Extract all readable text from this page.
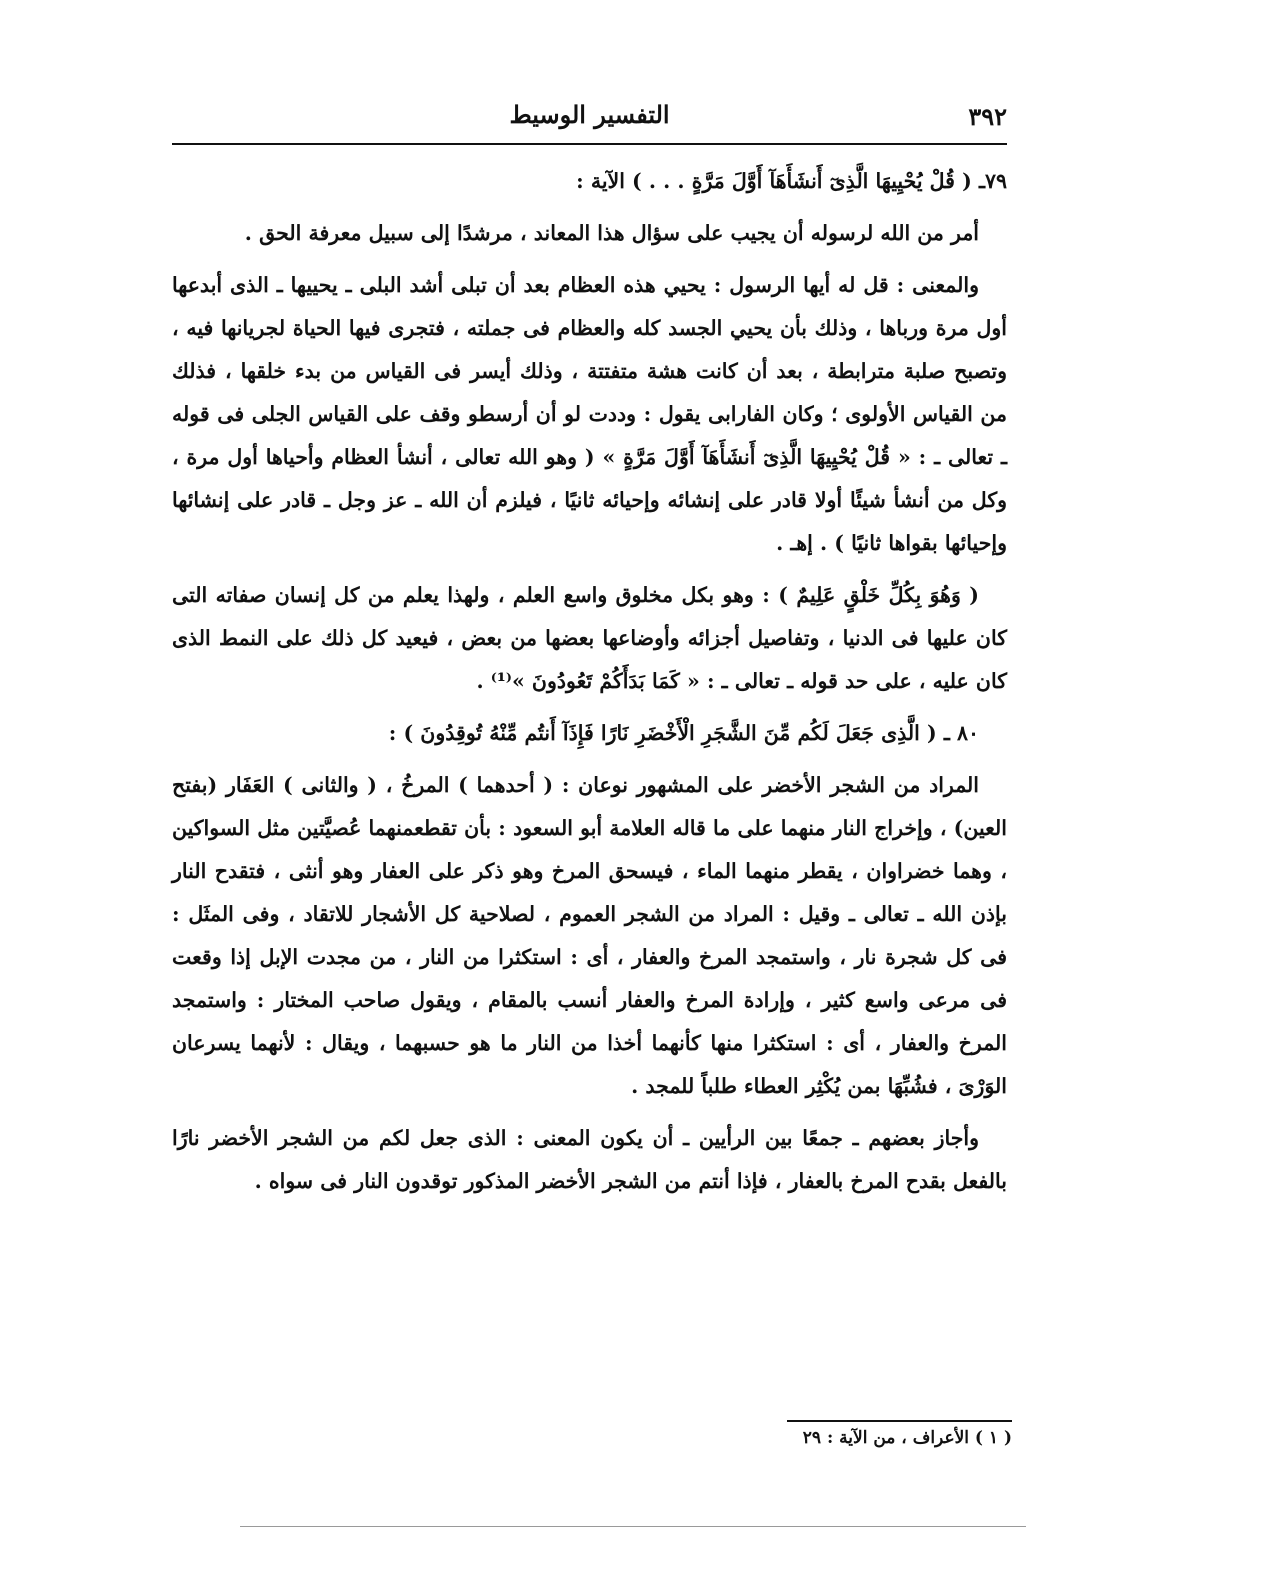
٣٩٢
التفسير الوسيط

٧٩ـ ( قُلْ يُحْيِيهَا الَّذِىٓ أَنشَأَهَآ أَوَّلَ مَرَّةٍ . . . ) الآية :

أمر من الله لرسوله أن يجيب على سؤال هذا المعاند ، مرشدًا إلى سبيل معرفة الحق .

والمعنى : قل له أيها الرسول : يحيي هذه العظام بعد أن تبلى أشد البلى ـ يحييها ـ الذى أبدعها أول مرة ورباها ، وذلك بأن يحيي الجسد كله والعظام فى جملته ، فتجرى فيها الحياة لجريانها فيه ، وتصبح صلبة مترابطة ، بعد أن كانت هشة متفتتة ، وذلك أيسر فى القياس من بدء خلقها ، فذلك من القياس الأولوى ؛ وكان الفارابى يقول : وددت لو أن أرسطو وقف على القياس الجلى فى قوله ـ تعالى ـ : « قُلْ يُحْيِيهَا الَّذِىٓ أَنشَأَهَآ أَوَّلَ مَرَّةٍ » ( وهو الله تعالى ، أنشأ العظام وأحياها أول مرة ، وكل من أنشأ شيئًا أولا قادر على إنشائه وإحيائه ثانيًا ، فيلزم أن الله ـ عز وجل ـ قادر على إنشائها وإحيائها بقواها ثانيًا ) . إهـ .

( وَهُوَ بِكُلِّ خَلْقٍ عَلِيمٌ ) : وهو بكل مخلوق واسع العلم ، ولهذا يعلم من كل إنسان صفاته التى كان عليها فى الدنيا ، وتفاصيل أجزائه وأوضاعها بعضها من بعض ، فيعيد كل ذلك على النمط الذى كان عليه ، على حد قوله ـ تعالى ـ : « كَمَا بَدَأَكُمْ تَعُودُونَ »⁽¹⁾ .

٨٠ ـ ( الَّذِى جَعَلَ لَكُم مِّنَ الشَّجَرِ الْأَخْضَرِ نَارًا فَإِذَآ أَنتُم مِّنْهُ تُوقِدُونَ ) :

المراد من الشجر الأخضر على المشهور نوعان : ( أحدهما ) المرخُ ، ( والثانى ) العَفَار (بفتح العين) ، وإخراج النار منهما على ما قاله العلامة أبو السعود : بأن تقطعمنهما عُصيَّتين مثل السواكين ، وهما خضراوان ، يقطر منهما الماء ، فيسحق المرخ وهو ذكر على العفار وهو أنثى ، فتقدح النار بإذن الله ـ تعالى ـ وقيل : المراد من الشجر العموم ، لصلاحية كل الأشجار للاتقاد ، وفى المثَل : فى كل شجرة نار ، واستمجد المرخ والعفار ، أى : استكثرا من النار ، من مجدت الإبل إذا وقعت فى مرعى واسع كثير ، وإرادة المرخ والعفار أنسب بالمقام ، ويقول صاحب المختار : واستمجد المرخ والعفار ، أى : استكثرا منها كأنهما أخذا من النار ما هو حسبهما ، ويقال : لأنهما يسرعان الوَرْىَ ، فشُبِّهَا بمن يُكْثِر العطاء طلباً للمجد .

وأجاز بعضهم ـ جمعًا بين الرأيين ـ أن يكون المعنى : الذى جعل لكم من الشجر الأخضر نارًا بالفعل بقدح المرخ بالعفار ، فإذا أنتم من الشجر الأخضر المذكور توقدون النار فى سواه .

( ١ ) الأعراف ، من الآية : ٢٩
